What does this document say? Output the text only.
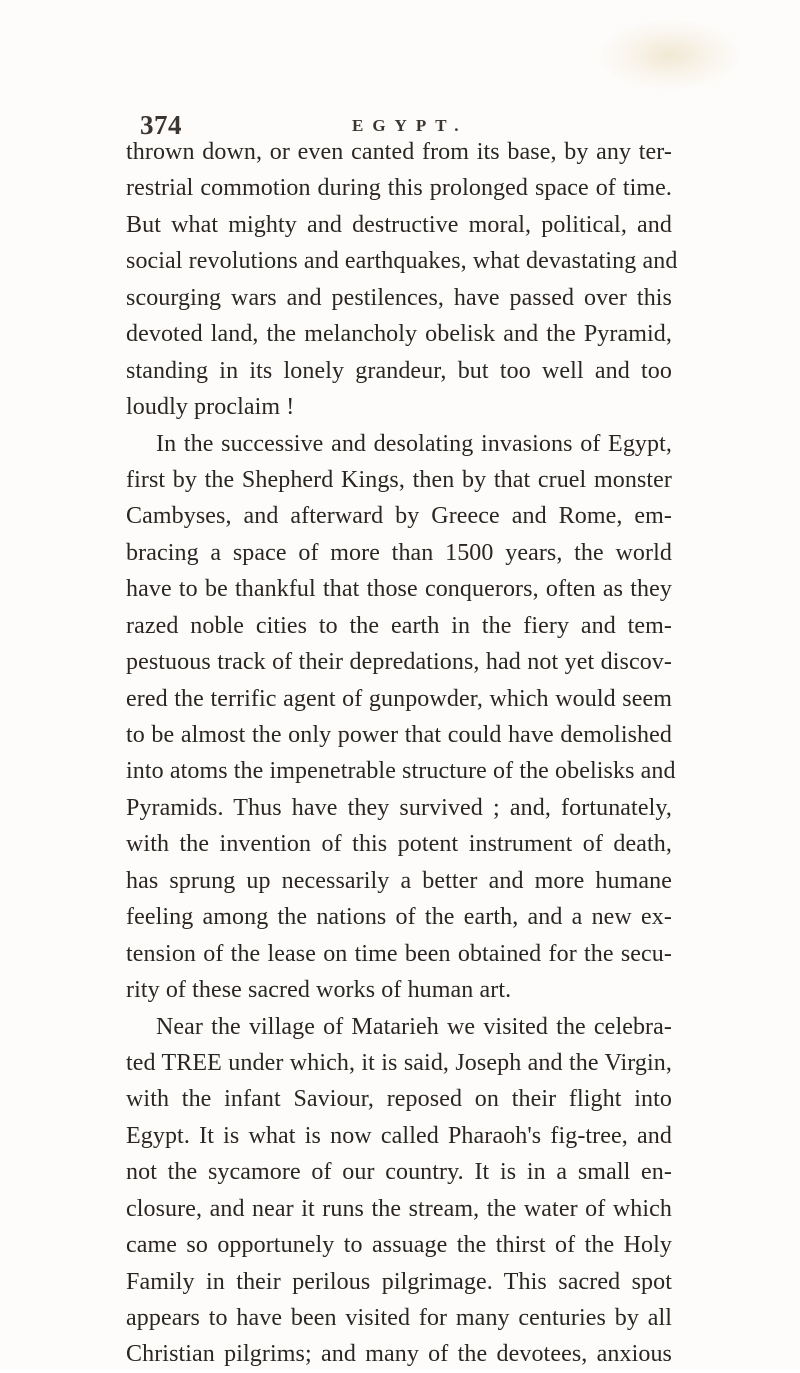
374	EGYPT.
thrown down, or even canted from its base, by any ter-
restrial commotion during this prolonged space of time.
But what mighty and destructive moral, political, and
social revolutions and earthquakes, what devastating and
scourging wars and pestilences, have passed over this
devoted land, the melancholy obelisk and the Pyramid,
standing in its lonely grandeur, but too well and too
loudly proclaim !
In the successive and desolating invasions of Egypt,
first by the Shepherd Kings, then by that cruel monster
Cambyses, and afterward by Greece and Rome, em-
bracing a space of more than 1500 years, the world
have to be thankful that those conquerors, often as they
razed noble cities to the earth in the fiery and tem-
pestuous track of their depredations, had not yet discov-
ered the terrific agent of gunpowder, which would seem
to be almost the only power that could have demolished
into atoms the impenetrable structure of the obelisks and
Pyramids. Thus have they survived ; and, fortunately,
with the invention of this potent instrument of death,
has sprung up necessarily a better and more humane
feeling among the nations of the earth, and a new ex-
tension of the lease on time been obtained for the secu-
rity of these sacred works of human art.
Near the village of Matarieh we visited the celebra-
ted TREE under which, it is said, Joseph and the Virgin,
with the infant Saviour, reposed on their flight into
Egypt. It is what is now called Pharaoh's fig-tree, and
not the sycamore of our country. It is in a small en-
closure, and near it runs the stream, the water of which
came so opportunely to assuage the thirst of the Holy
Family in their perilous pilgrimage. This sacred spot
appears to have been visited for many centuries by all
Christian pilgrims; and many of the devotees, anxious
